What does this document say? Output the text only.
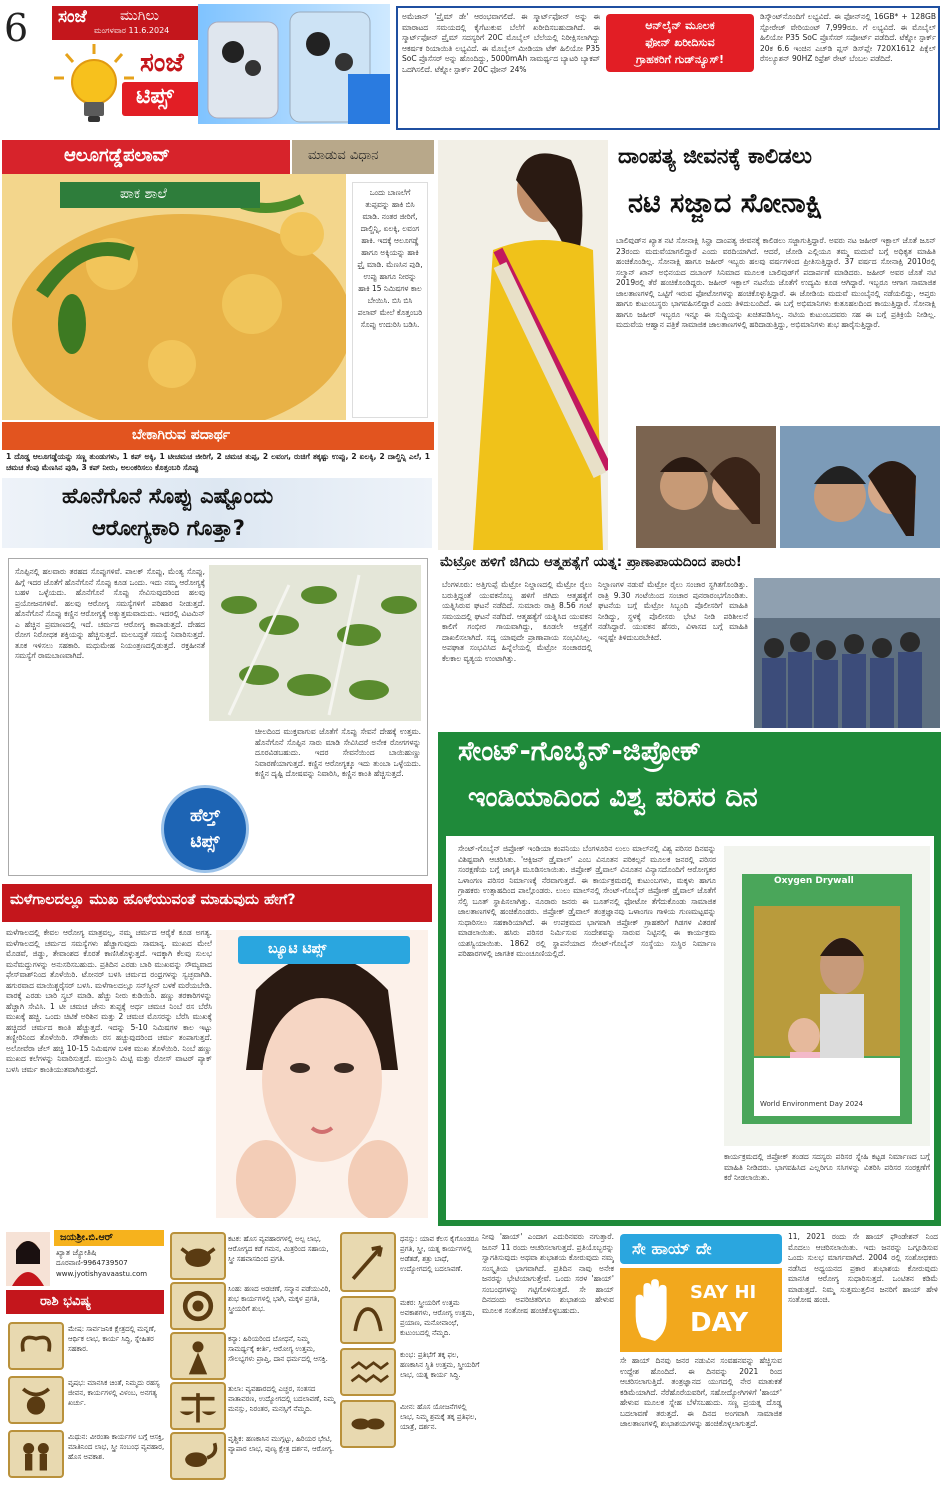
6 ಸಂಜೆ ಮುಗಿಲು
ಮಂಗಳವಾರ 11.6.2024
ಸಂಜೆ
ಟಿಪ್ಸ್
ಅಮೆಜಾನ್ 'ಪ್ರೈಮ್ ಡೇ' ಆರಂಭವಾಗಲಿದೆ. ಈ ಸ್ಮಾರ್ಟ್‌ಫೋನ್ ಅನ್ನು ಈ ಮಾರಾಟದ ಸಮಯದಲ್ಲಿ ಕೈಗೆಟುಕುವ ಬೆಲೆಗೆ ಖರೀದಿಸಬಹುದಾಗಿದೆ. ಈ ಸ್ಮಾರ್ಟ್‌ಫೋನ್ ಪ್ರೈಮ್ ಸದಸ್ಯರಿಗೆ 20C ಮೊಬೈಲ್ ಬೆಲೆಯಲ್ಲಿ ನಿರೀಕ್ಷಿಸಲಾಗಿದ್ದು ಆಕರ್ಷಕ ರಿಯಾಯಿತಿ ಲಭ್ಯವಿದೆ. ಈ ಮೊಬೈಲ್ ಮೀಡಿಯಾ ಟೆಕ್ ಹಿಲಿಯೋ P35 SoC ಪ್ರೊಸೆಸರ್ ಅನ್ನು ಹೊಂದಿದ್ದು, 5000mAh ಸಾಮರ್ಥ್ಯದ ಬ್ಯಾಟರಿ ಬ್ಯಾಕಪ್ ಒದಗಿಸಲಿದೆ. ಟೆಕ್ನೋ ಸ್ಪಾರ್ಕ್ 20C ಫೋನ್ 24%
ಆನ್‌ಲೈನ್ ಮೂಲಕ
ಫೋನ್ ಖರೀದಿಸುವ
ಗ್ರಾಹಕರಿಗೆ ಗುಡ್‌ನ್ಯೂಸ್!
ಡಿಸ್ಕೌಂಟ್‌ನೊಂದಿಗೆ ಲಭ್ಯವಿದೆ. ಈ ಫೋನ್‌ನಲ್ಲಿ 16GB* + 128GB ಸ್ಟೋರೇಜ್ ವೇರಿಯಂಟ್ 7,999ರೂ. ಗೆ ಲಭ್ಯವಿದೆ. ಈ ಮೊಬೈಲ್ ಹಿಲಿಯೋ P35 SoC ಪ್ರೊಸೆಸರ್ ಸಪೋರ್ಟ್ ಪಡೆದಿದೆ. ಟೆಕ್ನೋ ಸ್ಪಾರ್ಕ್ 20ಕ 6.6 ಇಂಚಿನ ಎಚ್‌ಡಿ ಪ್ಲಸ್ ಡಿಸ್‌ಪ್ಲೇ 720X1612 ಪಿಕ್ಸೆಲ್ ರೆಸಲ್ಯೂಶನ್ 90HZ ರಿಫ್ರೆಶ್ ರೇಟ್ ಬೆಂಬಲ ಪಡೆದಿದೆ.
ಆಲೂಗಡ್ಡೆಪಲಾವ್	ಮಾಡುವ ವಿಧಾನ
ಪಾಕ ಶಾಲೆ	ಒಂದು ಬಾಣಲೆಗೆ ತುಪ್ಪವನ್ನು ಹಾಕಿ ಬಿಸಿ ಮಾಡಿ. ನಂತರ ಜೀರಿಗೆ, ದಾಲ್ಚಿನ್ನಿ, ಏಲಕ್ಕಿ, ಲವಂಗ ಹಾಕಿ. ಇದಕ್ಕೆ ಆಲೂಗಡ್ಡೆ ಹಾಗೂ ಅಕ್ಕಿಯನ್ನು ಹಾಕಿ ಫ್ರೈ ಮಾಡಿ. ಮೆಣಸಿನ ಪುಡಿ, ಉಪ್ಪು ಹಾಗೂ ನೀರನ್ನು ಹಾಕಿ 15 ನಿಮಿಷಗಳ ಕಾಲ ಬೇಯಿಸಿ. ಬಿಸಿ ಬಿಸಿ ಪಲಾವ್ ಮೇಲೆ ಕೊತ್ತಂಬರಿ ಸೊಪ್ಪು ಉದುರಿಸಿ ಬಡಿಸಿ.
ಬೇಕಾಗಿರುವ ಪದಾರ್ಥ
1 ದೊಡ್ಡ ಆಲೂಗಡ್ಡೆಯನ್ನು ಸಣ್ಣ ತುಂಡುಗಳು, 1 ಕಪ್ ಅಕ್ಕಿ, 1 ಟೀಚಮಚ ಜೀರಿಗೆ, 2 ಚಮಚ ತುಪ್ಪ, 2 ಲವಂಗ, ರುಚಿಗೆ ತಕ್ಕಷ್ಟು ಉಪ್ಪು, 2 ಏಲಕ್ಕಿ, 2 ದಾಲ್ಚಿನ್ನಿ ಎಲೆ, 1 ಚಮಚ ಕೆಂಪು ಮೆಣಸಿನ ಪುಡಿ, 3 ಕಪ್ ನೀರು, ಅಲಂಕರಿಸಲು ಕೊತ್ತಂಬರಿ ಸೊಪ್ಪು
ದಾಂಪತ್ಯ ಜೀವನಕ್ಕೆ ಕಾಲಿಡಲು
ನಟಿ ಸಜ್ಜಾದ ಸೋನಾಕ್ಷಿ
ಬಾಲಿವುಡ್‌ನ ಖ್ಯಾತ ನಟಿ ಸೋನಾಕ್ಷಿ ಸಿನ್ಹಾ ದಾಂಪತ್ಯ ಜೀವನಕ್ಕೆ ಕಾಲಿಡಲು ಸಜ್ಜಾಗುತ್ತಿದ್ದಾರೆ. ಅವರು ನಟ ಜಹೀರ್ ಇಕ್ಬಾಲ್ ಜೊತೆ ಜೂನ್ 23ರಂದು ಮದುವೆಯಾಗಲಿದ್ದಾರೆ ಎಂದು ವರದಿಯಾಗಿದೆ. ಆದರೆ, ಜೋಡಿ ಎಲ್ಲಿಯೂ ತಮ್ಮ ಮದುವೆ ಬಗ್ಗೆ ಅಧಿಕೃತ ಮಾಹಿತಿ ಹಂಚಿಕೊಂಡಿಲ್ಲ. ಸೋನಾಕ್ಷಿ ಹಾಗೂ ಜಹೀರ್ ಇಬ್ಬರು ಹಲವು ವರ್ಷಗಳಿಂದ ಪ್ರೀತಿಸುತ್ತಿದ್ದಾರೆ. 37 ವರ್ಷದ ಸೋನಾಕ್ಷಿ 2010ರಲ್ಲಿ ಸಲ್ಮಾನ್ ಖಾನ್ ಅಭಿನಯದ ದಬಾಂಗ್ ಸಿನಿಮಾದ ಮೂಲಕ ಬಾಲಿವುಡ್‌ಗೆ ಪದಾರ್ಪಣೆ ಮಾಡಿದರು. ಜಹೀರ್ ಅವರ ಜೊತೆ ನಟಿ 2019ರಲ್ಲಿ ತೆರೆ ಹಂಚಿಕೊಂಡಿದ್ದರು. ಜಹೀರ್ ಇಕ್ಬಾಲ್ ನಟನೆಯ ಜೊತೆಗೆ ಉದ್ಯಮಿ ಕೂಡ ಆಗಿದ್ದಾರೆ. ಇಬ್ಬರೂ ಆಗಾಗ ಸಾಮಾಜಿಕ ಜಾಲತಾಣಗಳಲ್ಲಿ ಒಟ್ಟಿಗೆ ಇರುವ ಫೋಟೋಗಳನ್ನು ಹಂಚಿಕೊಳ್ಳುತ್ತಿದ್ದಾರೆ. ಈ ಜೋಡಿಯ ಮದುವೆ ಮುಂಬೈನಲ್ಲಿ ನಡೆಯಲಿದ್ದು, ಆಪ್ತರು ಹಾಗೂ ಕುಟುಂಬಸ್ಥರು ಭಾಗವಹಿಸಲಿದ್ದಾರೆ ಎಂದು ತಿಳಿದುಬಂದಿದೆ. ಈ ಬಗ್ಗೆ ಅಭಿಮಾನಿಗಳು ಕುತೂಹಲದಿಂದ ಕಾಯುತ್ತಿದ್ದಾರೆ. ಸೋನಾಕ್ಷಿ ಹಾಗೂ ಜಹೀರ್ ಇಬ್ಬರೂ ಇನ್ನೂ ಈ ಸುದ್ದಿಯನ್ನು ಖಚಿತಪಡಿಸಿಲ್ಲ. ನಟಿಯ ಕುಟುಂಬದವರು ಸಹ ಈ ಬಗ್ಗೆ ಪ್ರತಿಕ್ರಿಯೆ ನೀಡಿಲ್ಲ. ಮದುವೆಯ ಆಹ್ವಾನ ಪತ್ರಿಕೆ ಸಾಮಾಜಿಕ ಜಾಲತಾಣಗಳಲ್ಲಿ ಹರಿದಾಡುತ್ತಿದ್ದು, ಅಭಿಮಾನಿಗಳು ಶುಭ ಹಾರೈಸುತ್ತಿದ್ದಾರೆ.
ಹೊನೆಗೊನೆ ಸೊಪ್ಪು ಎಷ್ಟೊಂದು
ಆರೋಗ್ಯಕಾರಿ ಗೊತ್ತಾ?
ಸೊಪ್ಪಿನಲ್ಲಿ ಹಲವಾರು ತರಹದ ಸೊಪ್ಪುಗಳಿವೆ. ಪಾಲಕ್ ಸೊಪ್ಪು, ಮೆಂತ್ಯ ಸೊಪ್ಪು, ಹಿಗ್ಗೆ ಇದರ ಜೊತೆಗೆ ಹೊನೆಗೊನೆ ಸೊಪ್ಪು ಕೂಡ ಒಂದು. ಇದು ನಮ್ಮ ಆರೋಗ್ಯಕ್ಕೆ ಬಹಳ ಒಳ್ಳೆಯದು. ಹೊನೆಗೊನೆ ಸೊಪ್ಪು ಸೇವಿಸುವುದರಿಂದ ಹಲವು ಪ್ರಯೋಜನಗಳಿವೆ. ಹಲವು ಆರೋಗ್ಯ ಸಮಸ್ಯೆಗಳಿಗೆ ಪರಿಹಾರ ನೀಡುತ್ತದೆ. ಹೊನೆಗೊನೆ ಸೊಪ್ಪು ಕಣ್ಣಿನ ಆರೋಗ್ಯಕ್ಕೆ ಅತ್ಯುತ್ತಮವಾದುದು. ಇದರಲ್ಲಿ ವಿಟಮಿನ್ ಎ ಹೆಚ್ಚಿನ ಪ್ರಮಾಣದಲ್ಲಿ ಇದೆ. ಚರ್ಮದ ಆರೋಗ್ಯ ಕಾಪಾಡುತ್ತದೆ. ದೇಹದ ರೋಗ ನಿರೋಧಕ ಶಕ್ತಿಯನ್ನು ಹೆಚ್ಚಿಸುತ್ತದೆ. ಮಲಬದ್ಧತೆ ಸಮಸ್ಯೆ ನಿವಾರಿಸುತ್ತದೆ. ತೂಕ ಇಳಿಸಲು ಸಹಕಾರಿ. ಮಧುಮೇಹ ನಿಯಂತ್ರಣದಲ್ಲಿಡುತ್ತದೆ. ರಕ್ತಹೀನತೆ ಸಮಸ್ಯೆಗೆ ರಾಮಬಾಣವಾಗಿದೆ.
ಹೆಲ್ತ್
ಟಿಪ್ಸ್
ಚೀಲದಿಂದ ಮುಕ್ತವಾಗುವ ಜೊತೆಗೆ ಸೊಪ್ಪು ಸೇವನೆ ದೇಹಕ್ಕೆ ಉತ್ತಮ. ಹೊನೆಗೊನೆ ಸೊಪ್ಪಿನ ಸಾರು ಮಾಡಿ ಸೇವಿಸಿದರೆ ಅನೇಕ ರೋಗಗಳನ್ನು ದೂರವಿಡಬಹುದು. ಇದರ ಸೇವನೆಯಿಂದ ಬಾಯಿಹುಣ್ಣು ನಿವಾರಣೆಯಾಗುತ್ತದೆ. ಕಣ್ಣಿನ ಆರೋಗ್ಯಕ್ಕೂ ಇದು ತುಂಬಾ ಒಳ್ಳೆಯದು. ಕಣ್ಣಿನ ದೃಷ್ಟಿ ದೋಷವನ್ನು ನಿವಾರಿಸಿ, ಕಣ್ಣಿನ ಕಾಂತಿ ಹೆಚ್ಚಿಸುತ್ತದೆ.
ಮಳೆಗಾಲದಲ್ಲೂ ಮುಖ ಹೊಳೆಯುವಂತೆ ಮಾಡುವುದು ಹೇಗೆ?
ಮಳೆಗಾಲದಲ್ಲಿ ಕೇವಲ ಆರೋಗ್ಯ ಮಾತ್ರವಲ್ಲ, ನಮ್ಮ ಚರ್ಮದ ಆರೈಕೆ ಕೂಡ ಅಗತ್ಯ. ಮಳೆಗಾಲದಲ್ಲಿ ಚರ್ಮದ ಸಮಸ್ಯೆಗಳು ಹೆಚ್ಚಾಗುವುದು ಸಾಮಾನ್ಯ. ಮುಖದ ಮೇಲೆ ಮೊಡವೆ, ಜಿಡ್ಡು, ತೇವಾಂಶದ ಕೊರತೆ ಕಾಣಿಸಿಕೊಳ್ಳುತ್ತದೆ. ಇದಕ್ಕಾಗಿ ಕೆಲವು ಸುಲಭ ಮನೆಮದ್ದುಗಳನ್ನು ಅನುಸರಿಸಬಹುದು. ಪ್ರತಿದಿನ ಎರಡು ಬಾರಿ ಮುಖವನ್ನು ಸೌಮ್ಯವಾದ ಫೇಸ್‌ವಾಶ್‌ನಿಂದ ತೊಳೆಯಿರಿ. ಟೋನರ್ ಬಳಸಿ ಚರ್ಮದ ರಂಧ್ರಗಳನ್ನು ಸ್ವಚ್ಛವಾಗಿಡಿ. ಹಗುರವಾದ ಮಾಯಿಶ್ಚರೈಸರ್ ಬಳಸಿ. ಮಳೆಗಾಲದಲ್ಲೂ ಸನ್‌ಸ್ಕ್ರೀನ್ ಬಳಕೆ ಮರೆಯಬೇಡಿ. ವಾರಕ್ಕೆ ಎರಡು ಬಾರಿ ಸ್ಕ್ರಬ್ ಮಾಡಿ. ಹೆಚ್ಚು ನೀರು ಕುಡಿಯಿರಿ. ಹಣ್ಣು ತರಕಾರಿಗಳನ್ನು ಹೆಚ್ಚಾಗಿ ಸೇವಿಸಿ. 1 ಟೀ ಚಮಚ ಜೇನು ತುಪ್ಪಕ್ಕೆ ಅರ್ಧ ಚಮಚ ನಿಂಬೆ ರಸ ಬೆರೆಸಿ ಮುಖಕ್ಕೆ ಹಚ್ಚಿ. ಒಂದು ಚಿಟಿಕೆ ಅರಿಶಿನ ಮತ್ತು 2 ಚಮಚ ಮೊಸರನ್ನು ಬೆರೆಸಿ ಮುಖಕ್ಕೆ ಹಚ್ಚಿದರೆ ಚರ್ಮದ ಕಾಂತಿ ಹೆಚ್ಚುತ್ತದೆ. ಇದನ್ನು 5-10 ನಿಮಿಷಗಳ ಕಾಲ ಇಟ್ಟು ತಣ್ಣೀರಿನಿಂದ ತೊಳೆಯಿರಿ. ಸೌತೆಕಾಯಿ ರಸ ಹಚ್ಚುವುದರಿಂದ ಚರ್ಮ ತಂಪಾಗುತ್ತದೆ. ಅಲೋವೆರಾ ಜೆಲ್ ಹಚ್ಚಿ 10-15 ನಿಮಿಷಗಳ ಬಳಿಕ ಮುಖ ತೊಳೆಯಿರಿ. ನಿಂಬೆ ಹಣ್ಣು ಮುಖದ ಕಲೆಗಳನ್ನು ನಿವಾರಿಸುತ್ತದೆ. ಮುಲ್ತಾನಿ ಮಿಟ್ಟಿ ಮತ್ತು ರೋಸ್ ವಾಟರ್ ಪ್ಯಾಕ್ ಬಳಸಿ ಚರ್ಮ ಕಾಂತಿಯುತವಾಗಿರುತ್ತದೆ.
ಬ್ಯೂಟಿ ಟಿಪ್ಸ್
ಮೆಟ್ರೋ ಹಳಿಗೆ ಜಿಗಿದು ಆತ್ಮಹತ್ಯೆಗೆ ಯತ್ನ: ಪ್ರಾಣಾಪಾಯದಿಂದ ಪಾರು!
ಬೆಂಗಳೂರು: ಅತ್ತಿಗುಪ್ಪೆ ಮೆಟ್ರೋ ನಿಲ್ದಾಣದಲ್ಲಿ ಮೆಟ್ರೋ ರೈಲು ಬರುತ್ತಿದ್ದಂತೆ ಯುವಕನೊಬ್ಬ ಹಳಿಗೆ ಜಿಗಿದು ಆತ್ಮಹತ್ಯೆಗೆ ಯತ್ನಿಸಿರುವ ಘಟನೆ ನಡೆದಿದೆ. ಸುಮಾರು ರಾತ್ರಿ 8.56 ಗಂಟೆ ಸಮಯದಲ್ಲಿ ಘಟನೆ ನಡೆದಿದೆ. ಆತ್ಮಹತ್ಯೆಗೆ ಯತ್ನಿಸಿದ ಯುವಕನ ಕಾಲಿಗೆ ಗಂಭೀರ ಗಾಯವಾಗಿದ್ದು, ಕೂಡಲೇ ಆಸ್ಪತ್ರೆಗೆ ದಾಖಲಿಸಲಾಗಿದೆ. ಸದ್ಯ ಯಾವುದೇ ಪ್ರಾಣಾಪಾಯ ಸಂಭವಿಸಿಲ್ಲ. ಅಪಘಾತ ಸಂಭವಿಸಿದ ಹಿನ್ನೆಲೆಯಲ್ಲಿ ಮೆಟ್ರೋ ಸಂಚಾರದಲ್ಲಿ ಕೆಲಕಾಲ ವ್ಯತ್ಯಯ ಉಂಟಾಗಿತ್ತು.
ನಿಲ್ದಾಣಗಳ ನಡುವೆ ಮೆಟ್ರೋ ರೈಲು ಸಂಚಾರ ಸ್ಥಗಿತಗೊಂಡಿತ್ತು. ರಾತ್ರಿ 9.30 ಗಂಟೆಯಿಂದ ಸಂಚಾರ ಪುನರಾರಂಭಗೊಂಡಿತು. ಘಟನೆಯ ಬಗ್ಗೆ ಮೆಟ್ರೋ ಸಿಬ್ಬಂದಿ ಪೊಲೀಸರಿಗೆ ಮಾಹಿತಿ ನೀಡಿದ್ದು, ಸ್ಥಳಕ್ಕೆ ಪೊಲೀಸರು ಭೇಟಿ ನೀಡಿ ಪರಿಶೀಲನೆ ನಡೆಸಿದ್ದಾರೆ. ಯುವಕನ ಹೆಸರು, ವಿಳಾಸದ ಬಗ್ಗೆ ಮಾಹಿತಿ ಇನ್ನಷ್ಟೇ ತಿಳಿದುಬರಬೇಕಿದೆ.
ಸೇಂಟ್-ಗೊಬೈನ್-ಜಿಪ್ರೋಕ್
ಇಂಡಿಯಾದಿಂದ ವಿಶ್ವ ಪರಿಸರ ದಿನ
ಸೇಂಟ್-ಗೊಬೈನ್ ಜಿಪ್ರೋಕ್ ಇಂಡಿಯಾ ಕಂಪನಿಯು ಬೆಂಗಳೂರಿನ ಲುಲು ಮಾಲ್‌ನಲ್ಲಿ ವಿಶ್ವ ಪರಿಸರ ದಿನವನ್ನು ವಿಶಿಷ್ಟವಾಗಿ ಆಚರಿಸಿತು. 'ಆಕ್ಸಿಜನ್ ಡ್ರೈವಾಲ್' ಎಂಬ ವಿನೂತನ ಪರಿಕಲ್ಪನೆ ಮೂಲಕ ಜನರಲ್ಲಿ ಪರಿಸರ ಸಂರಕ್ಷಣೆಯ ಬಗ್ಗೆ ಜಾಗೃತಿ ಮೂಡಿಸಲಾಯಿತು. ಜಿಪ್ರೋಕ್ ಡ್ರೈವಾಲ್ ವಿನೂತನ ವಿನ್ಯಾಸದೊಂದಿಗೆ ಆರೋಗ್ಯಕರ ಒಳಾಂಗಣ ಪರಿಸರ ನಿರ್ಮಾಣಕ್ಕೆ ನೆರವಾಗುತ್ತದೆ. ಈ ಕಾರ್ಯಕ್ರಮದಲ್ಲಿ ಕುಟುಂಬಗಳು, ಮಕ್ಕಳು ಹಾಗೂ ಗ್ರಾಹಕರು ಉತ್ಸಾಹದಿಂದ ಪಾಲ್ಗೊಂಡರು. ಲುಲು ಮಾಲ್‌ನಲ್ಲಿ ಸೇಂಟ್-ಗೊಬೈನ್ ಜಿಪ್ರೋಕ್ ಡ್ರೈವಾಲ್ ಜೊತೆಗೆ ಸೆಲ್ಫಿ ಬೂತ್ ಸ್ಥಾಪಿಸಲಾಗಿತ್ತು. ನೂರಾರು ಜನರು ಈ ಬೂತ್‌ನಲ್ಲಿ ಫೋಟೋ ತೆಗೆದುಕೊಂಡು ಸಾಮಾಜಿಕ ಜಾಲತಾಣಗಳಲ್ಲಿ ಹಂಚಿಕೊಂಡರು. ಜಿಪ್ರೋಕ್ ಡ್ರೈವಾಲ್ ತಂತ್ರಜ್ಞಾನವು ಒಳಾಂಗಣ ಗಾಳಿಯ ಗುಣಮಟ್ಟವನ್ನು ಸುಧಾರಿಸಲು ಸಹಕಾರಿಯಾಗಿದೆ. ಈ ಉಪಕ್ರಮದ ಭಾಗವಾಗಿ ಜಿಪ್ರೋಕ್ ಗ್ರಾಹಕರಿಗೆ ಗಿಡಗಳ ವಿತರಣೆ ಮಾಡಲಾಯಿತು. ಹಸಿರು ಪರಿಸರ ನಿರ್ಮಿಸುವ ಸಂದೇಶವನ್ನು ಸಾರುವ ನಿಟ್ಟಿನಲ್ಲಿ ಈ ಕಾರ್ಯಕ್ರಮ ಯಶಸ್ವಿಯಾಯಿತು. 1862 ರಲ್ಲಿ ಸ್ಥಾಪನೆಯಾದ ಸೇಂಟ್-ಗೊಬೈನ್ ಸಂಸ್ಥೆಯು ಸುಸ್ಥಿರ ನಿರ್ಮಾಣ ಪರಿಹಾರಗಳಲ್ಲಿ ಜಾಗತಿಕ ಮುಂಚೂಣಿಯಲ್ಲಿದೆ.
Oxygen Drywall
World Environment Day 2024
ಕಾರ್ಯಕ್ರಮದಲ್ಲಿ ಜಿಪ್ರೋಕ್ ತಂಡದ ಸದಸ್ಯರು ಪರಿಸರ ಸ್ನೇಹಿ ಕಟ್ಟಡ ನಿರ್ಮಾಣದ ಬಗ್ಗೆ ಮಾಹಿತಿ ನೀಡಿದರು. ಭಾಗವಹಿಸಿದ ಎಲ್ಲರಿಗೂ ಸಸಿಗಳನ್ನು ವಿತರಿಸಿ ಪರಿಸರ ಸಂರಕ್ಷಣೆಗೆ ಕರೆ ನೀಡಲಾಯಿತು.
ಜಯಶ್ರೀ.ಬಿ.ಆರ್
ಖ್ಯಾತ ಜ್ಯೋತಿಷಿ
ದೂರವಾಣಿ-9964739507
www.jyotishyavaastu.com
ರಾಶಿ ಭವಿಷ್ಯ
ಮೇಷ: ಸಾರ್ವಜನಿಕ ಕ್ಷೇತ್ರದಲ್ಲಿ ಮನ್ನಣೆ, ಆರ್ಥಿಕ ಲಾಭ, ಕಾರ್ಯ ಸಿದ್ಧಿ, ಸ್ನೇಹಿತರ ಸಹಕಾರ.
ವೃಷಭ: ಮಾನಸಿಕ ಚಿಂತೆ, ನಿಮ್ಮದು ರಹಸ್ಯ ಜೀವನ, ಕಾರ್ಯಗಳಲ್ಲಿ ವಿಳಂಬ, ಅನಗತ್ಯ ಖರ್ಚು.
ಮಿಥುನ: ವೀರಂತಾ ಕಾರ್ಯಗಳ ಬಗ್ಗೆ ಆಸಕ್ತಿ, ಮಾತಿನಿಂದ ಲಾಭ, ಸ್ತ್ರೀ ಸಂಬಂಧ ವ್ಯವಹಾರ, ಹೊಸ ಅವಕಾಶ.
ಕಟಕ: ಹೊಸ ವ್ಯವಹಾರಗಳಲ್ಲಿ ಅಲ್ಪ ಲಾಭ, ಆರೋಗ್ಯದ ಕಡೆ ಗಮನ, ಮಿತ್ರರಿಂದ ಸಹಾಯ, ಸ್ತ್ರೀ ಸಹವಾಸದಿಂದ ಪ್ರಗತಿ.
ಸಿಂಹ: ಹಣದ ಅಡಚಣೆ, ಸನ್ಮಾನ ಪಡೆಯುವಿರಿ, ಶುಭ ಕಾರ್ಯಗಳಲ್ಲಿ ಭಾಗಿ, ಮಕ್ಕಳ ಪ್ರಗತಿ, ಸ್ತ್ರೀಯರಿಗೆ ಶುಭ.
ಕನ್ಯಾ: ಹಿರಿಯರಿಂದ ಬೋಧನೆ, ನಿಮ್ಮ ಸಾಮರ್ಥ್ಯಕ್ಕೆ ಕೀರ್ತಿ, ಆರೋಗ್ಯ ಉತ್ತಮ, ಸೌಲಭ್ಯಗಳು ಪ್ರಾಪ್ತಿ, ದಾನ ಧರ್ಮದಲ್ಲಿ ಆಸಕ್ತಿ.
ತುಲಾ: ವ್ಯವಹಾರದಲ್ಲಿ ಎಚ್ಚರ, ಸಂತಸದ ವಾತಾವರಣ, ಉದ್ಯೋಗದಲ್ಲಿ ಬದಲಾವಣೆ, ನಿಮ್ಮ ಮನಸ್ಸು, ನಿರಂತರ, ಮನಸ್ಸಿಗೆ ನೆಮ್ಮದಿ.
ವೃಶ್ಚಿಕ: ಹಣಕಾಸಿನ ಮುಗ್ಗಟ್ಟು, ಹಿರಿಯರ ಭೇಟಿ, ವ್ಯಾಪಾರ ಲಾಭ, ಪುಣ್ಯ ಕ್ಷೇತ್ರ ದರ್ಶನ, ಆರೋಗ್ಯ.
ಧನಸ್ಸು: ಯಾವ ಕೆಲಸ ಕೈಗೊಂಡರೂ ಪ್ರಗತಿ, ಸ್ತ್ರೀ, ಯತ್ನ ಕಾರ್ಯಗಳಲ್ಲಿ ಅಡೆತಡೆ, ಶತ್ರು ಬಾಧೆ, ಉದ್ಯೋಗದಲ್ಲಿ ಬದಲಾವಣೆ.
ಮಕರ: ಸ್ತ್ರೀಯರಿಗೆ ಉತ್ತಮ ಅವಕಾಶಗಳು, ಆರೋಗ್ಯ ಉತ್ತಮ, ಪ್ರಯಾಣ, ಮನೋವಾಂಛೆ, ಕುಟುಂಬದಲ್ಲಿ ನೆಮ್ಮದಿ.
ಕುಂಭ: ಪ್ರತಿಭೆಗೆ ತಕ್ಕ ಫಲ, ಹಣಕಾಸಿನ ಸ್ಥಿತಿ ಉತ್ತಮ, ಸ್ತ್ರೀಯರಿಗೆ ಲಾಭ, ಯತ್ನ ಕಾರ್ಯ ಸಿದ್ಧಿ.
ಮೀನ: ಹೊಸ ಯೋಜನೆಗಳಲ್ಲಿ ಲಾಭ, ನಿಮ್ಮ ಶ್ರಮಕ್ಕೆ ತಕ್ಕ ಪ್ರತಿಫಲ, ಯಾತ್ರೆ, ದರ್ಶನ.
ನೀವು 'ಹಾಯ್' ಎಂದಾಗ ಎದುರಿನವರು ನಗುತ್ತಾರೆ. ಜೂನ್ 11 ರಂದು ಆಚರಿಸಲಾಗುತ್ತದೆ. ಪ್ರತಿಯೊಬ್ಬರನ್ನು ಸ್ವಾಗತಿಸುವುದು ಅಥವಾ ಶುಭಾಶಯ ಕೋರುವುದು ನಮ್ಮ ಸಂಸ್ಕೃತಿಯ ಭಾಗವಾಗಿದೆ. ಪ್ರತಿದಿನ ನಾವು ಅನೇಕ ಜನರನ್ನು ಭೇಟಿಯಾಗುತ್ತೇವೆ. ಒಂದು ಸರಳ 'ಹಾಯ್' ಸಂಬಂಧಗಳನ್ನು ಗಟ್ಟಿಗೊಳಿಸುತ್ತದೆ. ಸೇ ಹಾಯ್ ದಿನದಂದು ಅಪರಿಚಿತರಿಗೂ ಶುಭಾಶಯ ಹೇಳುವ ಮೂಲಕ ಸಂತೋಷ ಹಂಚಿಕೊಳ್ಳಬಹುದು.
ಸೇ ಹಾಯ್ ದೇ
SAY HI
DAY
ಸೇ ಹಾಯ್ ದಿನವು ಜನರ ನಡುವಿನ ಸಂವಹನವನ್ನು ಹೆಚ್ಚಿಸುವ ಉದ್ದೇಶ ಹೊಂದಿದೆ. ಈ ದಿನವನ್ನು 2021 ರಿಂದ ಆಚರಿಸಲಾಗುತ್ತಿದೆ. ತಂತ್ರಜ್ಞಾನದ ಯುಗದಲ್ಲಿ ನೇರ ಮಾತುಕತೆ ಕಡಿಮೆಯಾಗಿದೆ. ನೆರೆಹೊರೆಯವರಿಗೆ, ಸಹೋದ್ಯೋಗಿಗಳಿಗೆ 'ಹಾಯ್' ಹೇಳುವ ಮೂಲಕ ಸ್ನೇಹ ಬೆಳೆಸಬಹುದು. ಸಣ್ಣ ಪ್ರಯತ್ನ ದೊಡ್ಡ ಬದಲಾವಣೆ ತರುತ್ತದೆ. ಈ ದಿನದ ಅಂಗವಾಗಿ ಸಾಮಾಜಿಕ ಜಾಲತಾಣಗಳಲ್ಲಿ ಶುಭಾಶಯಗಳನ್ನು ಹಂಚಿಕೊಳ್ಳಲಾಗುತ್ತದೆ.
11, 2021 ರಂದು ಸೇ ಹಾಯ್ ಫೌಂಡೇಶನ್ ನಿಂದ ಮೊದಲು ಆಚರಿಸಲಾಯಿತು. ಇದು ಜನರನ್ನು ಒಗ್ಗೂಡಿಸುವ ಒಂದು ಸುಲಭ ಮಾರ್ಗವಾಗಿದೆ. 2004 ರಲ್ಲಿ ಸಂಶೋಧಕರು ನಡೆಸಿದ ಅಧ್ಯಯನದ ಪ್ರಕಾರ ಶುಭಾಶಯ ಕೋರುವುದು ಮಾನಸಿಕ ಆರೋಗ್ಯ ಸುಧಾರಿಸುತ್ತದೆ. ಒಂಟಿತನ ಕಡಿಮೆ ಮಾಡುತ್ತದೆ. ನಿಮ್ಮ ಸುತ್ತಮುತ್ತಲಿನ ಜನರಿಗೆ ಹಾಯ್ ಹೇಳಿ ಸಂತೋಷ ಹಂಚಿ.
